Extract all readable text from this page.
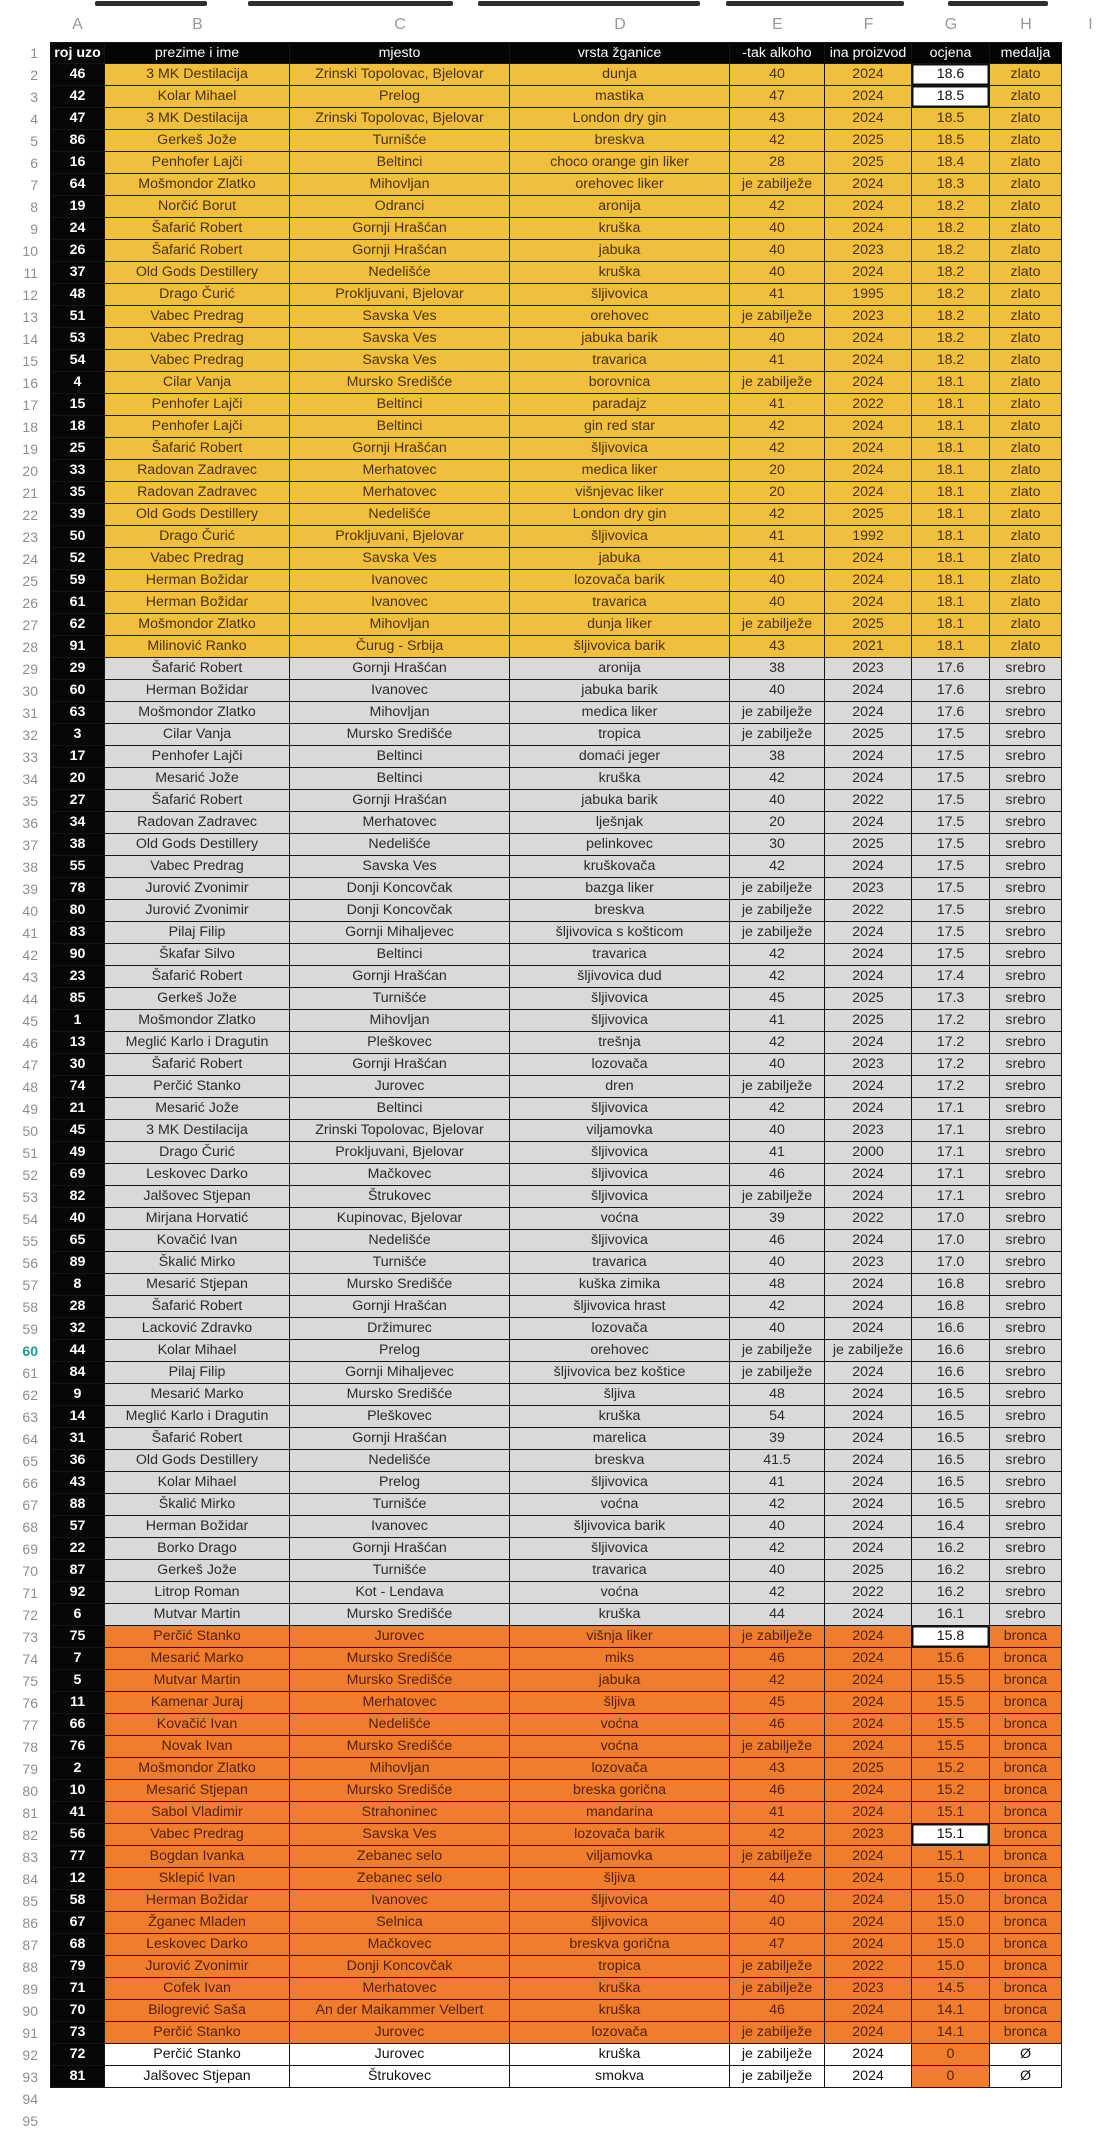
A	B	C	D	E	F	G	H	I
1	roj uzo	prezime i ime	mjesto	vrsta žganice	-tak alkoho	ina proizvod	ocjena	medalja
2	46	3 MK Destilacija	Zrinski Topolovac, Bjelovar	dunja	40	2024	18.6	zlato
3	42	Kolar Mihael	Prelog	mastika	47	2024	18.5	zlato
4	47	3 MK Destilacija	Zrinski Topolovac, Bjelovar	London dry gin	43	2024	18.5	zlato
5	86	Gerkeš Jože	Turnišće	breskva	42	2025	18.5	zlato
6	16	Penhofer Lajči	Beltinci	choco orange gin liker	28	2025	18.4	zlato
7	64	Mošmondor Zlatko	Mihovljan	orehovec liker	je zabilježe	2024	18.3	zlato
8	19	Norčić Borut	Odranci	aronija	42	2024	18.2	zlato
9	24	Šafarić Robert	Gornji Hrašćan	kruška	40	2024	18.2	zlato
10	26	Šafarić Robert	Gornji Hrašćan	jabuka	40	2023	18.2	zlato
11	37	Old Gods Destillery	Nedelišće	kruška	40	2024	18.2	zlato
12	48	Drago Čurić	Prokljuvani, Bjelovar	šljivovica	41	1995	18.2	zlato
13	51	Vabec Predrag	Savska Ves	orehovec	je zabilježe	2023	18.2	zlato
14	53	Vabec Predrag	Savska Ves	jabuka barik	40	2024	18.2	zlato
15	54	Vabec Predrag	Savska Ves	travarica	41	2024	18.2	zlato
16	4	Cilar Vanja	Mursko Središće	borovnica	je zabilježe	2024	18.1	zlato
17	15	Penhofer Lajči	Beltinci	paradajz	41	2022	18.1	zlato
18	18	Penhofer Lajči	Beltinci	gin red star	42	2024	18.1	zlato
19	25	Šafarić Robert	Gornji Hrašćan	šljivovica	42	2024	18.1	zlato
20	33	Radovan Zadravec	Merhatovec	medica liker	20	2024	18.1	zlato
21	35	Radovan Zadravec	Merhatovec	višnjevac liker	20	2024	18.1	zlato
22	39	Old Gods Destillery	Nedelišće	London dry gin	42	2025	18.1	zlato
23	50	Drago Čurić	Prokljuvani, Bjelovar	šljivovica	41	1992	18.1	zlato
24	52	Vabec Predrag	Savska Ves	jabuka	41	2024	18.1	zlato
25	59	Herman Božidar	Ivanovec	lozovača barik	40	2024	18.1	zlato
26	61	Herman Božidar	Ivanovec	travarica	40	2024	18.1	zlato
27	62	Mošmondor Zlatko	Mihovljan	dunja liker	je zabilježe	2025	18.1	zlato
28	91	Milinović Ranko	Čurug - Srbija	šljivovica barik	43	2021	18.1	zlato
29	29	Šafarić Robert	Gornji Hrašćan	aronija	38	2023	17.6	srebro
30	60	Herman Božidar	Ivanovec	jabuka barik	40	2024	17.6	srebro
31	63	Mošmondor Zlatko	Mihovljan	medica liker	je zabilježe	2024	17.6	srebro
32	3	Cilar Vanja	Mursko Središće	tropica	je zabilježe	2025	17.5	srebro
33	17	Penhofer Lajči	Beltinci	domaći jeger	38	2024	17.5	srebro
34	20	Mesarić Jože	Beltinci	kruška	42	2024	17.5	srebro
35	27	Šafarić Robert	Gornji Hrašćan	jabuka barik	40	2022	17.5	srebro
36	34	Radovan Zadravec	Merhatovec	lješnjak	20	2024	17.5	srebro
37	38	Old Gods Destillery	Nedelišće	pelinkovec	30	2025	17.5	srebro
38	55	Vabec Predrag	Savska Ves	kruškovača	42	2024	17.5	srebro
39	78	Jurović Zvonimir	Donji Koncovčak	bazga liker	je zabilježe	2023	17.5	srebro
40	80	Jurović Zvonimir	Donji Koncovčak	breskva	je zabilježe	2022	17.5	srebro
41	83	Pilaj Filip	Gornji Mihaljevec	šljivovica s košticom	je zabilježe	2024	17.5	srebro
42	90	Škafar Silvo	Beltinci	travarica	42	2024	17.5	srebro
43	23	Šafarić Robert	Gornji Hrašćan	šljivovica dud	42	2024	17.4	srebro
44	85	Gerkeš Jože	Turnišće	šljivovica	45	2025	17.3	srebro
45	1	Mošmondor Zlatko	Mihovljan	šljivovica	41	2025	17.2	srebro
46	13	Meglić Karlo i Dragutin	Pleškovec	trešnja	42	2024	17.2	srebro
47	30	Šafarić Robert	Gornji Hrašćan	lozovača	40	2023	17.2	srebro
48	74	Perčić Stanko	Jurovec	dren	je zabilježe	2024	17.2	srebro
49	21	Mesarić Jože	Beltinci	šljivovica	42	2024	17.1	srebro
50	45	3 MK Destilacija	Zrinski Topolovac, Bjelovar	viljamovka	40	2023	17.1	srebro
51	49	Drago Čurić	Prokljuvani, Bjelovar	šljivovica	41	2000	17.1	srebro
52	69	Leskovec Darko	Mačkovec	šljivovica	46	2024	17.1	srebro
53	82	Jalšovec Stjepan	Štrukovec	šljivovica	je zabilježe	2024	17.1	srebro
54	40	Mirjana Horvatić	Kupinovac, Bjelovar	voćna	39	2022	17.0	srebro
55	65	Kovačić Ivan	Nedelišće	šljivovica	46	2024	17.0	srebro
56	89	Škalić Mirko	Turnišće	travarica	40	2023	17.0	srebro
57	8	Mesarić Stjepan	Mursko Središće	kuška zimika	48	2024	16.8	srebro
58	28	Šafarić Robert	Gornji Hrašćan	šljivovica hrast	42	2024	16.8	srebro
59	32	Lacković Zdravko	Držimurec	lozovača	40	2024	16.6	srebro
60	44	Kolar Mihael	Prelog	orehovec	je zabilježe	je zabilježe	16.6	srebro
61	84	Pilaj Filip	Gornji Mihaljevec	šljivovica bez koštice	je zabilježe	2024	16.6	srebro
62	9	Mesarić Marko	Mursko Središće	šljiva	48	2024	16.5	srebro
63	14	Meglić Karlo i Dragutin	Pleškovec	kruška	54	2024	16.5	srebro
64	31	Šafarić Robert	Gornji Hrašćan	marelica	39	2024	16.5	srebro
65	36	Old Gods Destillery	Nedelišće	breskva	41.5	2024	16.5	srebro
66	43	Kolar Mihael	Prelog	šljivovica	41	2024	16.5	srebro
67	88	Škalić Mirko	Turnišće	voćna	42	2024	16.5	srebro
68	57	Herman Božidar	Ivanovec	šljivovica barik	40	2024	16.4	srebro
69	22	Borko Drago	Gornji Hrašćan	šljivovica	42	2024	16.2	srebro
70	87	Gerkeš Jože	Turnišće	travarica	40	2025	16.2	srebro
71	92	Litrop Roman	Kot - Lendava	voćna	42	2022	16.2	srebro
72	6	Mutvar Martin	Mursko Središće	kruška	44	2024	16.1	srebro
73	75	Perčić Stanko	Jurovec	višnja liker	je zabilježe	2024	15.8	bronca
74	7	Mesarić Marko	Mursko Središće	miks	46	2024	15.6	bronca
75	5	Mutvar Martin	Mursko Središće	jabuka	42	2024	15.5	bronca
76	11	Kamenar Juraj	Merhatovec	šljiva	45	2024	15.5	bronca
77	66	Kovačić Ivan	Nedelišće	voćna	46	2024	15.5	bronca
78	76	Novak Ivan	Mursko Središće	voćna	je zabilježe	2024	15.5	bronca
79	2	Mošmondor Zlatko	Mihovljan	lozovača	43	2025	15.2	bronca
80	10	Mesarić Stjepan	Mursko Središće	breska gorična	46	2024	15.2	bronca
81	41	Sabol Vladimir	Strahoninec	mandarina	41	2024	15.1	bronca
82	56	Vabec Predrag	Savska Ves	lozovača barik	42	2023	15.1	bronca
83	77	Bogdan Ivanka	Zebanec selo	viljamovka	je zabilježe	2024	15.1	bronca
84	12	Sklepić Ivan	Zebanec selo	šljiva	44	2024	15.0	bronca
85	58	Herman Božidar	Ivanovec	šljivovica	40	2024	15.0	bronca
86	67	Žganec Mladen	Selnica	šljivovica	40	2024	15.0	bronca
87	68	Leskovec Darko	Mačkovec	breskva gorična	47	2024	15.0	bronca
88	79	Jurović Zvonimir	Donji Koncovčak	tropica	je zabilježe	2022	15.0	bronca
89	71	Cofek Ivan	Merhatovec	kruška	je zabilježe	2023	14.5	bronca
90	70	Bilogrević Saša	An der Maikammer Velbert	kruška	46	2024	14.1	bronca
91	73	Perčić Stanko	Jurovec	lozovača	je zabilježe	2024	14.1	bronca
92	72	Perčić Stanko	Jurovec	kruška	je zabilježe	2024	0	Ø
93	81	Jalšovec Stjepan	Štrukovec	smokva	je zabilježe	2024	0	Ø
94
95
